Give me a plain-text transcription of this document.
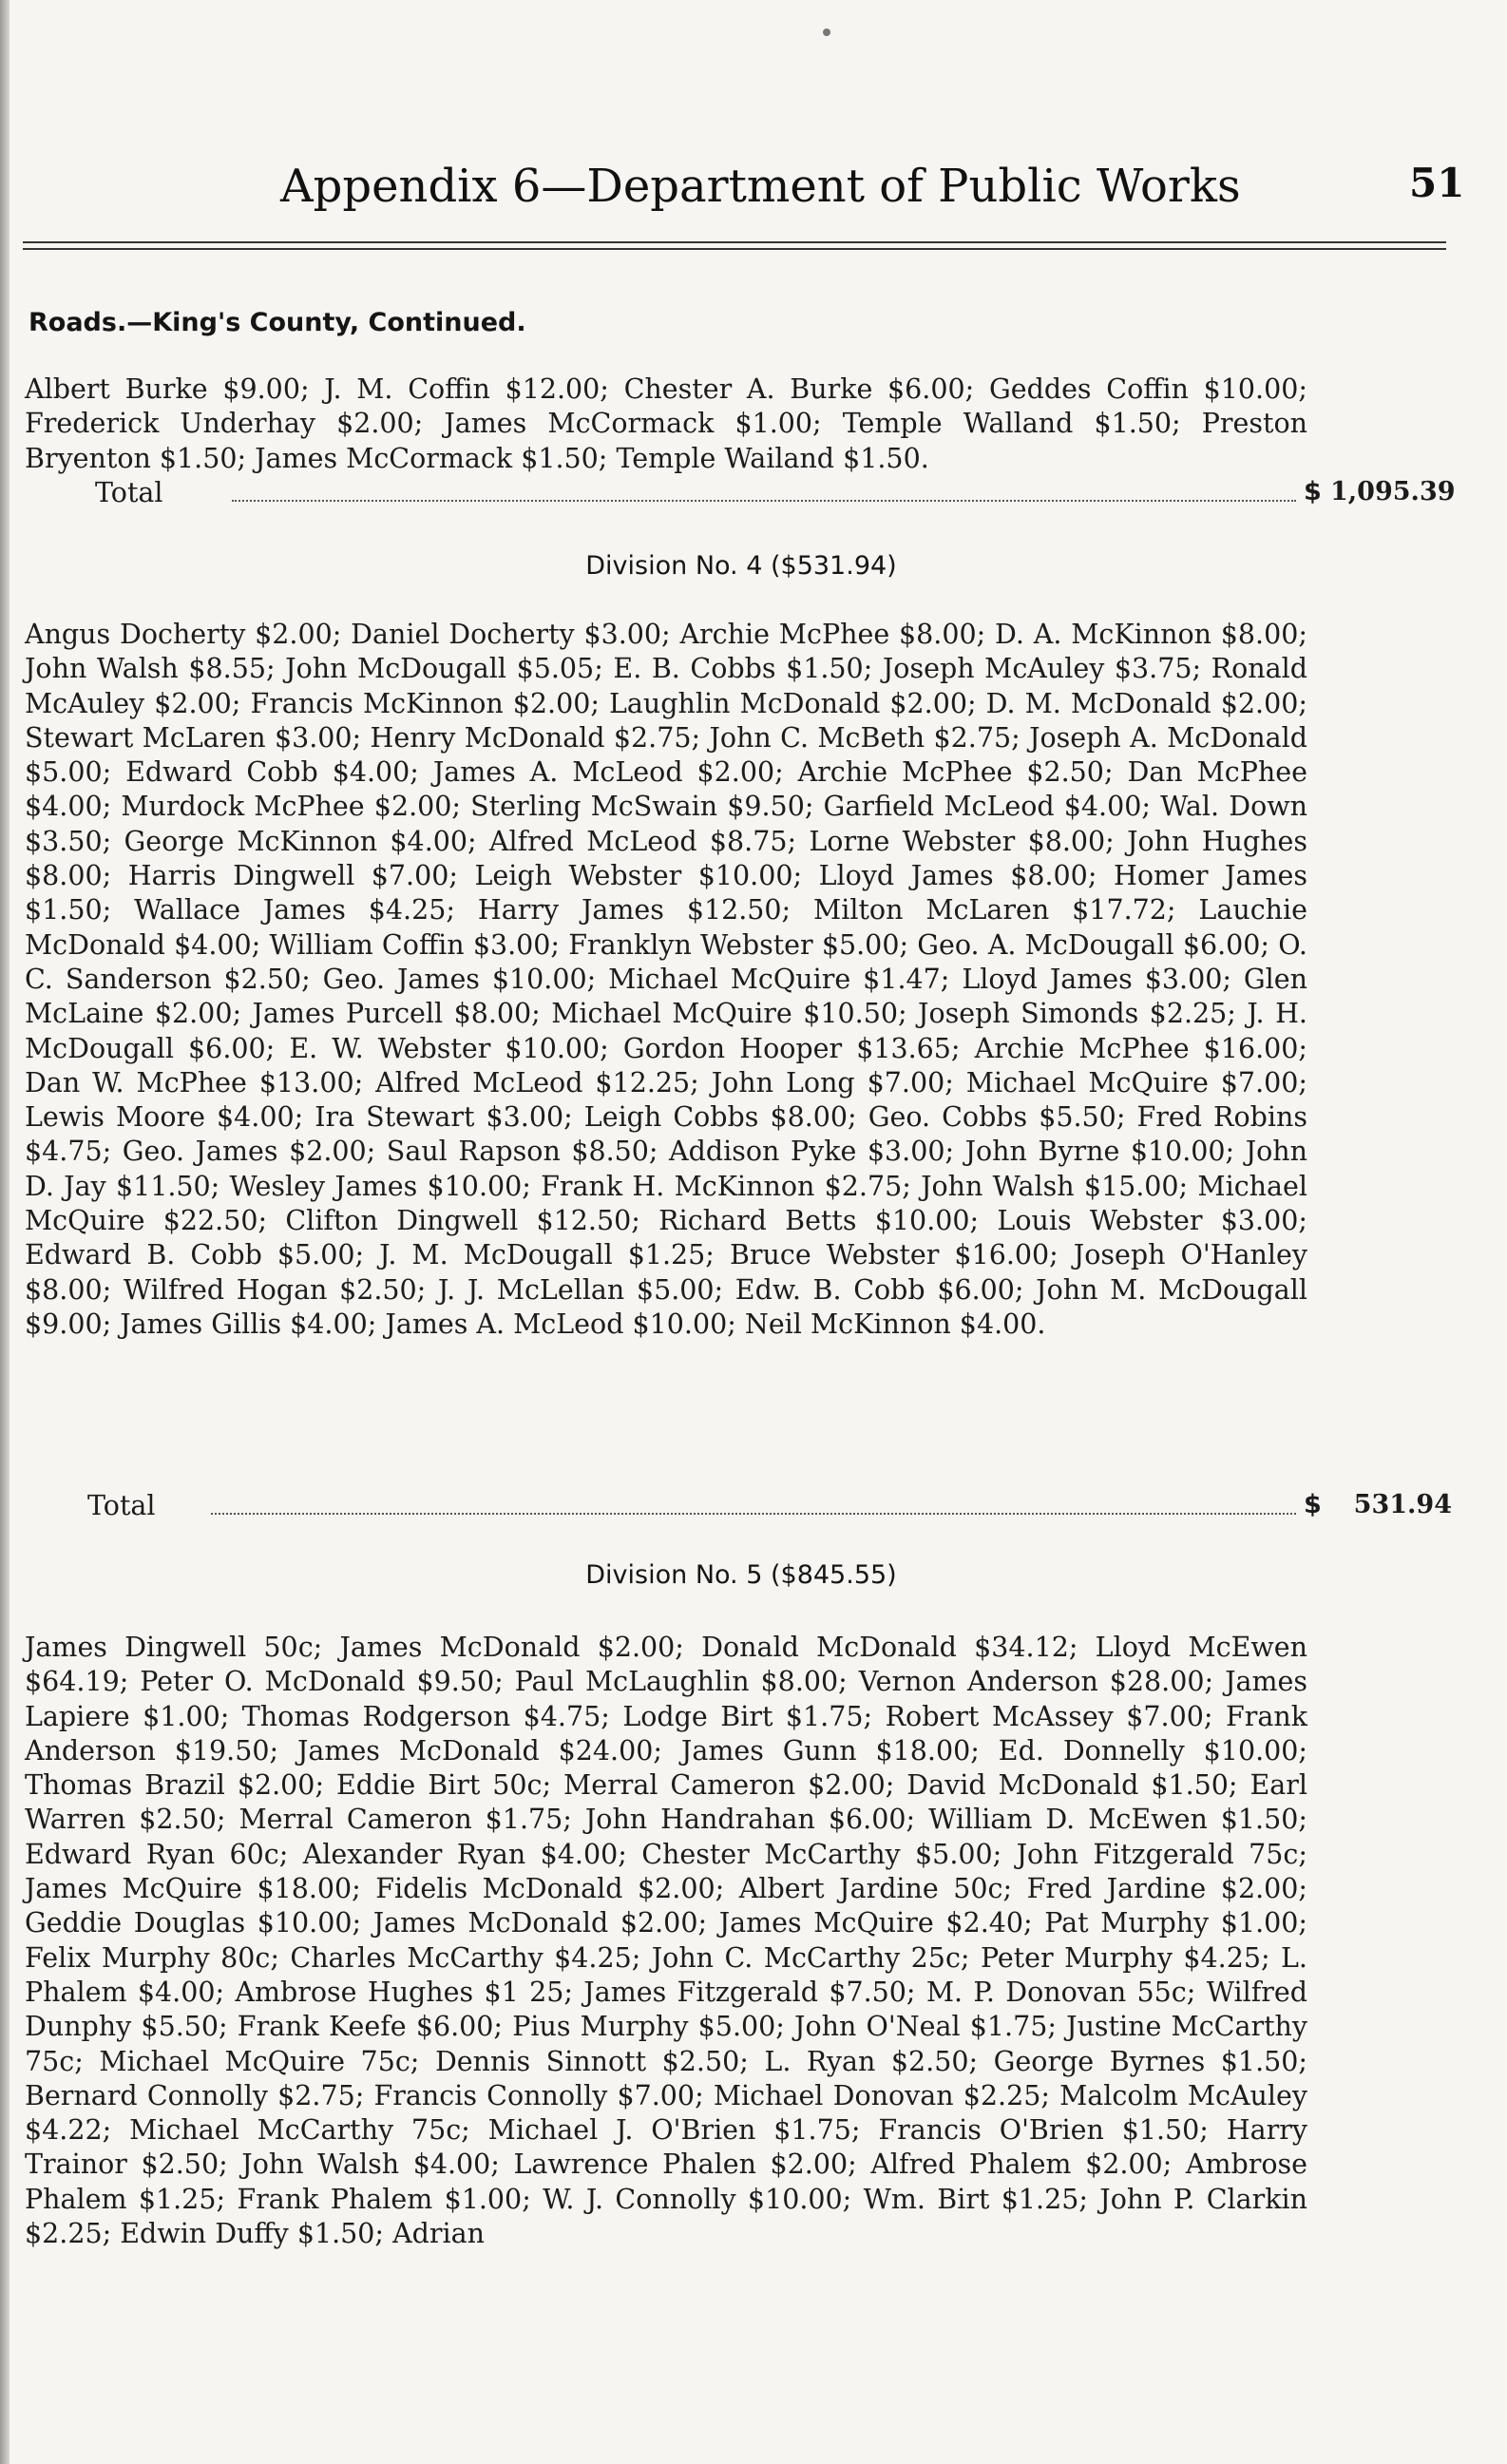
Appendix 6—Department of Public Works	51
Roads.—King's County, Continued.
Albert Burke $9.00; J. M. Coffin $12.00; Chester A. Burke $6.00; Geddes Coffin $10.00; Frederick Underhay $2.00; James McCormack $1.00; Temple Walland $1.50; Preston Bryenton $1.50; James McCormack $1.50; Temple Wailand $1.50.
Total	$ 1,095.39
Division No. 4 ($531.94)
Angus Docherty $2.00; Daniel Docherty $3.00; Archie McPhee $8.00; D. A. McKinnon $8.00; John Walsh $8.55; John McDougall $5.05; E. B. Cobbs $1.50; Joseph McAuley $3.75; Ronald McAuley $2.00; Francis McKinnon $2.00; Laughlin McDonald $2.00; D. M. McDonald $2.00; Stewart McLaren $3.00; Henry McDonald $2.75; John C. McBeth $2.75; Joseph A. McDonald $5.00; Edward Cobb $4.00; James A. McLeod $2.00; Archie McPhee $2.50; Dan McPhee $4.00; Murdock McPhee $2.00; Sterling McSwain $9.50; Garfield McLeod $4.00; Wal. Down $3.50; George McKinnon $4.00; Alfred McLeod $8.75; Lorne Webster $8.00; John Hughes $8.00; Harris Dingwell $7.00; Leigh Webster $10.00; Lloyd James $8.00; Homer James $1.50; Wallace James $4.25; Harry James $12.50; Milton McLaren $17.72; Lauchie McDonald $4.00; William Coffin $3.00; Franklyn Webster $5.00; Geo. A. McDougall $6.00; O. C. Sanderson $2.50; Geo. James $10.00; Michael McQuire $1.47; Lloyd James $3.00; Glen McLaine $2.00; James Purcell $8.00; Michael McQuire $10.50; Joseph Simonds $2.25; J. H. McDougall $6.00; E. W. Webster $10.00; Gordon Hooper $13.65; Archie McPhee $16.00; Dan W. McPhee $13.00; Alfred McLeod $12.25; John Long $7.00; Michael McQuire $7.00; Lewis Moore $4.00; Ira Stewart $3.00; Leigh Cobbs $8.00; Geo. Cobbs $5.50; Fred Robins $4.75; Geo. James $2.00; Saul Rapson $8.50; Addison Pyke $3.00; John Byrne $10.00; John D. Jay $11.50; Wesley James $10.00; Frank H. McKinnon $2.75; John Walsh $15.00; Michael McQuire $22.50; Clifton Dingwell $12.50; Richard Betts $10.00; Louis Webster $3.00; Edward B. Cobb $5.00; J. M. McDougall $1.25; Bruce Webster $16.00; Joseph O'Hanley $8.00; Wilfred Hogan $2.50; J. J. McLellan $5.00; Edw. B. Cobb $6.00; John M. McDougall $9.00; James Gillis $4.00; James A. McLeod $10.00; Neil McKinnon $4.00.
Total	$	531.94
Division No. 5 ($845.55)
James Dingwell 50c; James McDonald $2.00; Donald McDonald $34.12; Lloyd McEwen $64.19; Peter O. McDonald $9.50; Paul McLaughlin $8.00; Vernon Anderson $28.00; James Lapiere $1.00; Thomas Rodgerson $4.75; Lodge Birt $1.75; Robert McAssey $7.00; Frank Anderson $19.50; James McDonald $24.00; James Gunn $18.00; Ed. Donnelly $10.00; Thomas Brazil $2.00; Eddie Birt 50c; Merral Cameron $2.00; David McDonald $1.50; Earl Warren $2.50; Merral Cameron $1.75; John Handrahan $6.00; William D. McEwen $1.50; Edward Ryan 60c; Alexander Ryan $4.00; Chester McCarthy $5.00; John Fitzgerald 75c; James McQuire $18.00; Fidelis McDonald $2.00; Albert Jardine 50c; Fred Jardine $2.00; Geddie Douglas $10.00; James McDonald $2.00; James McQuire $2.40; Pat Murphy $1.00; Felix Murphy 80c; Charles McCarthy $4.25; John C. McCarthy 25c; Peter Murphy $4.25; L. Phalem $4.00; Ambrose Hughes $1 25; James Fitzgerald $7.50; M. P. Donovan 55c; Wilfred Dunphy $5.50; Frank Keefe $6.00; Pius Murphy $5.00; John O'Neal $1.75; Justine McCarthy 75c; Michael McQuire 75c; Dennis Sinnott $2.50; L. Ryan $2.50; George Byrnes $1.50; Bernard Connolly $2.75; Francis Connolly $7.00; Michael Donovan $2.25; Malcolm McAuley $4.22; Michael McCarthy 75c; Michael J. O'Brien $1.75; Francis O'Brien $1.50; Harry Trainor $2.50; John Walsh $4.00; Lawrence Phalen $2.00; Alfred Phalem $2.00; Ambrose Phalem $1.25; Frank Phalem $1.00; W. J. Connolly $10.00; Wm. Birt $1.25; John P. Clarkin $2.25; Edwin Duffy $1.50; Adrian
